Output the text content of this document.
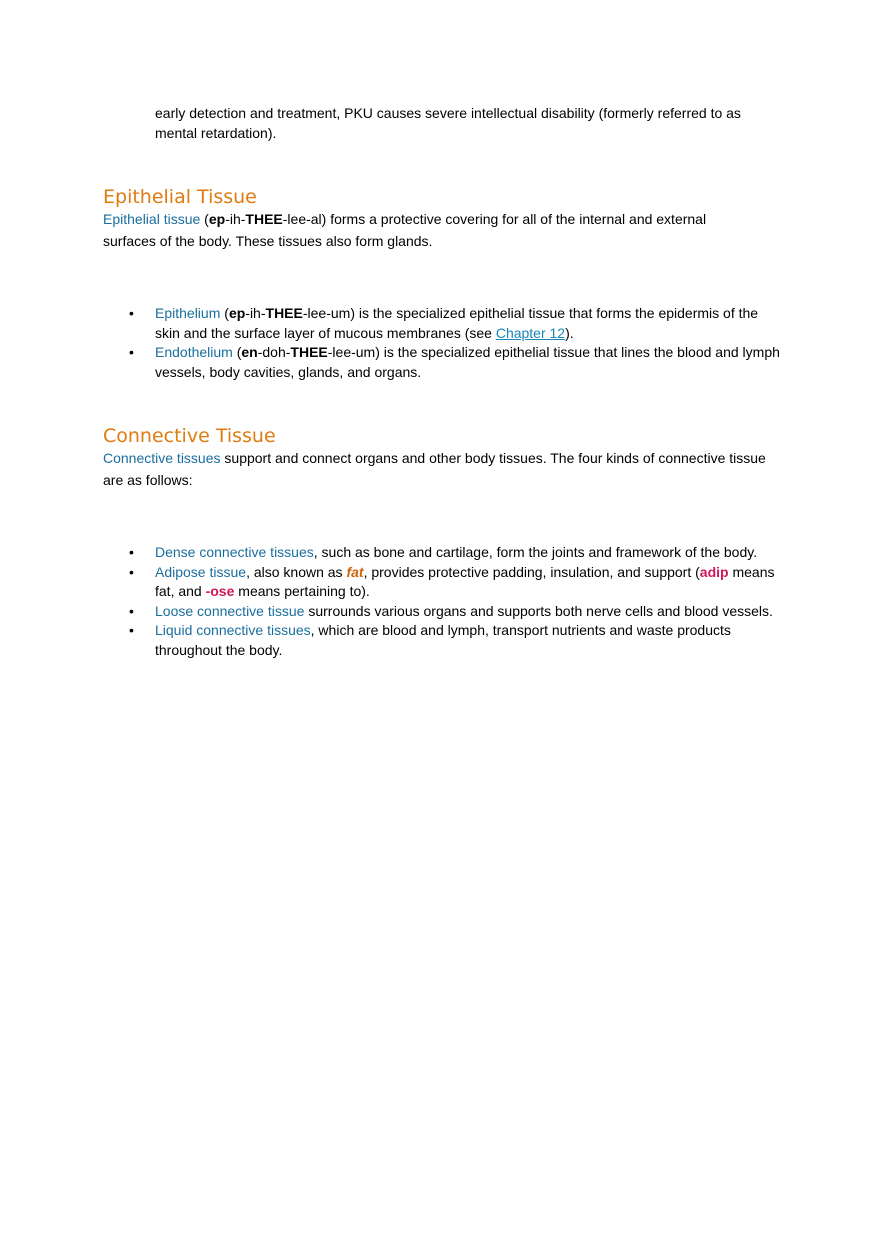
early detection and treatment, PKU causes severe intellectual disability (formerly referred to as mental retardation).

Epithelial Tissue

Epithelial tissue (ep-ih-THEE-lee-al) forms a protective covering for all of the internal and external surfaces of the body. These tissues also form glands.

• Epithelium (ep-ih-THEE-lee-um) is the specialized epithelial tissue that forms the epidermis of the skin and the surface layer of mucous membranes (see Chapter 12).
• Endothelium (en-doh-THEE-lee-um) is the specialized epithelial tissue that lines the blood and lymph vessels, body cavities, glands, and organs.
Connective Tissue

Connective tissues support and connect organs and other body tissues. The four kinds of connective tissue are as follows:

• Dense connective tissues, such as bone and cartilage, form the joints and framework of the body.
• Adipose tissue, also known as fat, provides protective padding, insulation, and support (adip means fat, and -ose means pertaining to).
• Loose connective tissue surrounds various organs and supports both nerve cells and blood vessels.
• Liquid connective tissues, which are blood and lymph, transport nutrients and waste products throughout the body.
